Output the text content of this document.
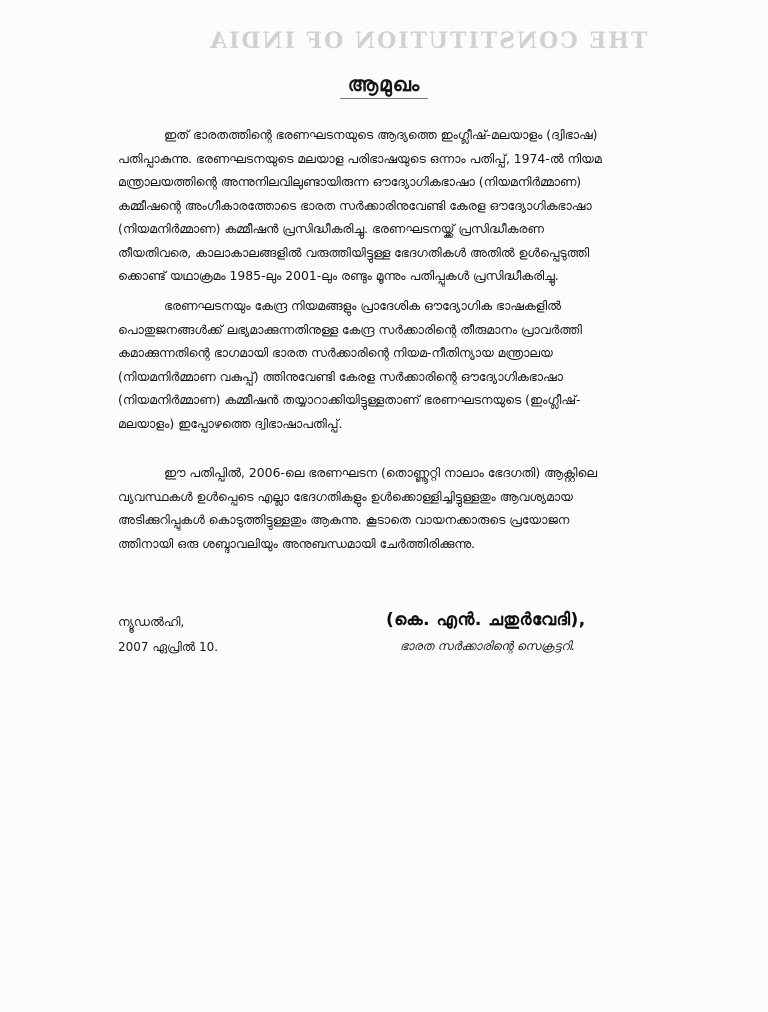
THE CONSTITUTION OF INDIA
ആമുഖം
ഇത് ഭാരതത്തിന്റെ ഭരണഘടനയുടെ ആദ്യത്തെ ഇംഗ്ലീഷ്-മലയാളം (ദ്വിഭാഷ)
പതിപ്പാകുന്നു. ഭരണഘടനയുടെ മലയാള പരിഭാഷയുടെ ഒന്നാം പതിപ്പ്, 1974-ൽ നിയമ
മന്ത്രാലയത്തിന്റെ അന്നുനിലവിലുണ്ടായിരുന്ന ഔദ്യോഗികഭാഷാ (നിയമനിർമ്മാണ)
കമ്മീഷന്റെ അംഗീകാരത്തോടെ ഭാരത സർക്കാരിനുവേണ്ടി കേരള ഔദ്യോഗികഭാഷാ
(നിയമനിർമ്മാണ) കമ്മീഷൻ പ്രസിദ്ധീകരിച്ചു. ഭരണഘടനയ്ക്ക് പ്രസിദ്ധീകരണ
തീയതിവരെ, കാലാകാലങ്ങളിൽ വരുത്തിയിട്ടുള്ള ഭേദഗതികൾ അതിൽ ഉൾപ്പെടുത്തി
ക്കൊണ്ട് യഥാക്രമം 1985-ലും 2001-ലും രണ്ടും മൂന്നും പതിപ്പുകൾ പ്രസിദ്ധീകരിച്ചു.
ഭരണഘടനയും കേന്ദ്ര നിയമങ്ങളും പ്രാദേശിക ഔദ്യോഗിക ഭാഷകളിൽ
പൊതുജനങ്ങൾക്ക് ലഭ്യമാക്കുന്നതിനുള്ള കേന്ദ്ര സർക്കാരിന്റെ തീരുമാനം പ്രാവർത്തി
കമാക്കുന്നതിന്റെ ഭാഗമായി ഭാരത സർക്കാരിന്റെ നിയമ-നീതിന്യായ മന്ത്രാലയ
(നിയമനിർമ്മാണ വകുപ്പ്) ത്തിനുവേണ്ടി കേരള സർക്കാരിന്റെ ഔദ്യോഗികഭാഷാ
(നിയമനിർമ്മാണ) കമ്മീഷൻ തയ്യാറാക്കിയിട്ടുള്ളതാണ് ഭരണഘടനയുടെ (ഇംഗ്ലീഷ്-
മലയാളം) ഇപ്പോഴത്തെ ദ്വിഭാഷാപതിപ്പ്.
ഈ പതിപ്പിൽ, 2006-ലെ ഭരണഘടന (തൊണ്ണൂറ്റി നാലാം ഭേദഗതി) ആക്റ്റിലെ
വ്യവസ്ഥകൾ ഉൾപ്പെടെ എല്ലാ ഭേദഗതികളും ഉൾക്കൊള്ളിച്ചിട്ടുള്ളതും ആവശ്യമായ
അടിക്കുറിപ്പുകൾ കൊടുത്തിട്ടുള്ളതും ആകുന്നു. കൂടാതെ വായനക്കാരുടെ പ്രയോജന
ത്തിനായി ഒരു ശബ്ദാവലിയും അനുബന്ധമായി ചേർത്തിരിക്കുന്നു.
ന്യൂഡൽഹി,
2007 ഏപ്രിൽ 10.
(കെ. എൻ. ചതുർവേദി),
ഭാരത സർക്കാരിന്റെ സെക്രട്ടറി.
